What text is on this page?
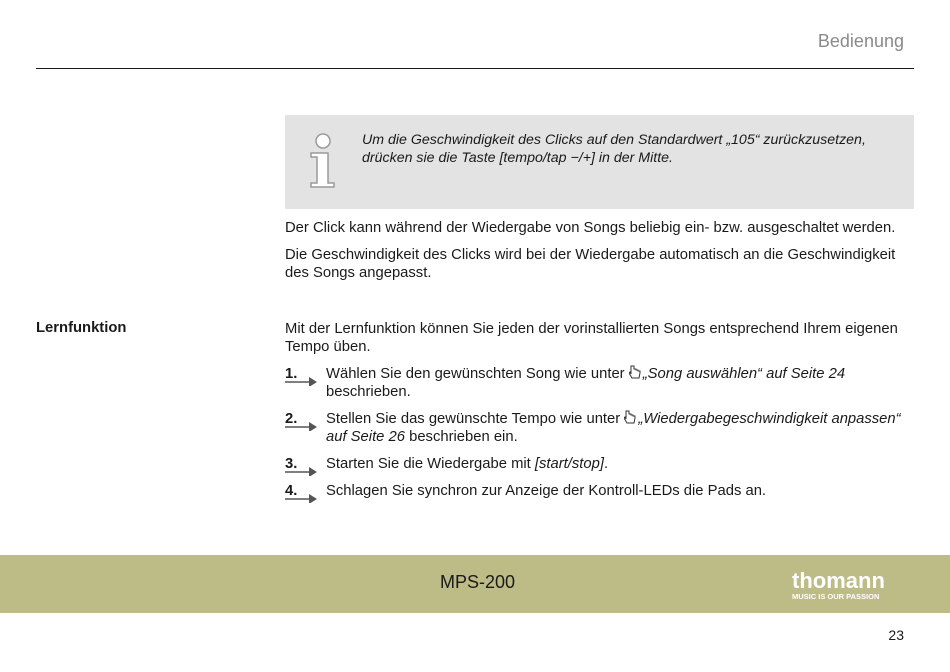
Bedienung
Um die Geschwindigkeit des Clicks auf den Standardwert „105“ zurückzusetzen,
drücken sie die Taste [tempo/tap −/+] in der Mitte.
Der Click kann während der Wiedergabe von Songs beliebig ein- bzw. ausgeschaltet werden.
Die Geschwindigkeit des Clicks wird bei der Wiedergabe automatisch an die Geschwindigkeit des Songs angepasst.
Lernfunktion	Mit der Lernfunktion können Sie jeden der vorinstallierten Songs entsprechend Ihrem eigenen Tempo üben.
1. Wählen Sie den gewünschten Song wie unter „Song auswählen“ auf Seite 24 beschrieben.
2. Stellen Sie das gewünschte Tempo wie unter „Wiedergabegeschwindigkeit anpassen“ auf Seite 26 beschrieben ein.
3. Starten Sie die Wiedergabe mit [start/stop].
4. Schlagen Sie synchron zur Anzeige der Kontroll-LEDs die Pads an.
MPS-200	thomann
MUSIC IS OUR PASSION
23
